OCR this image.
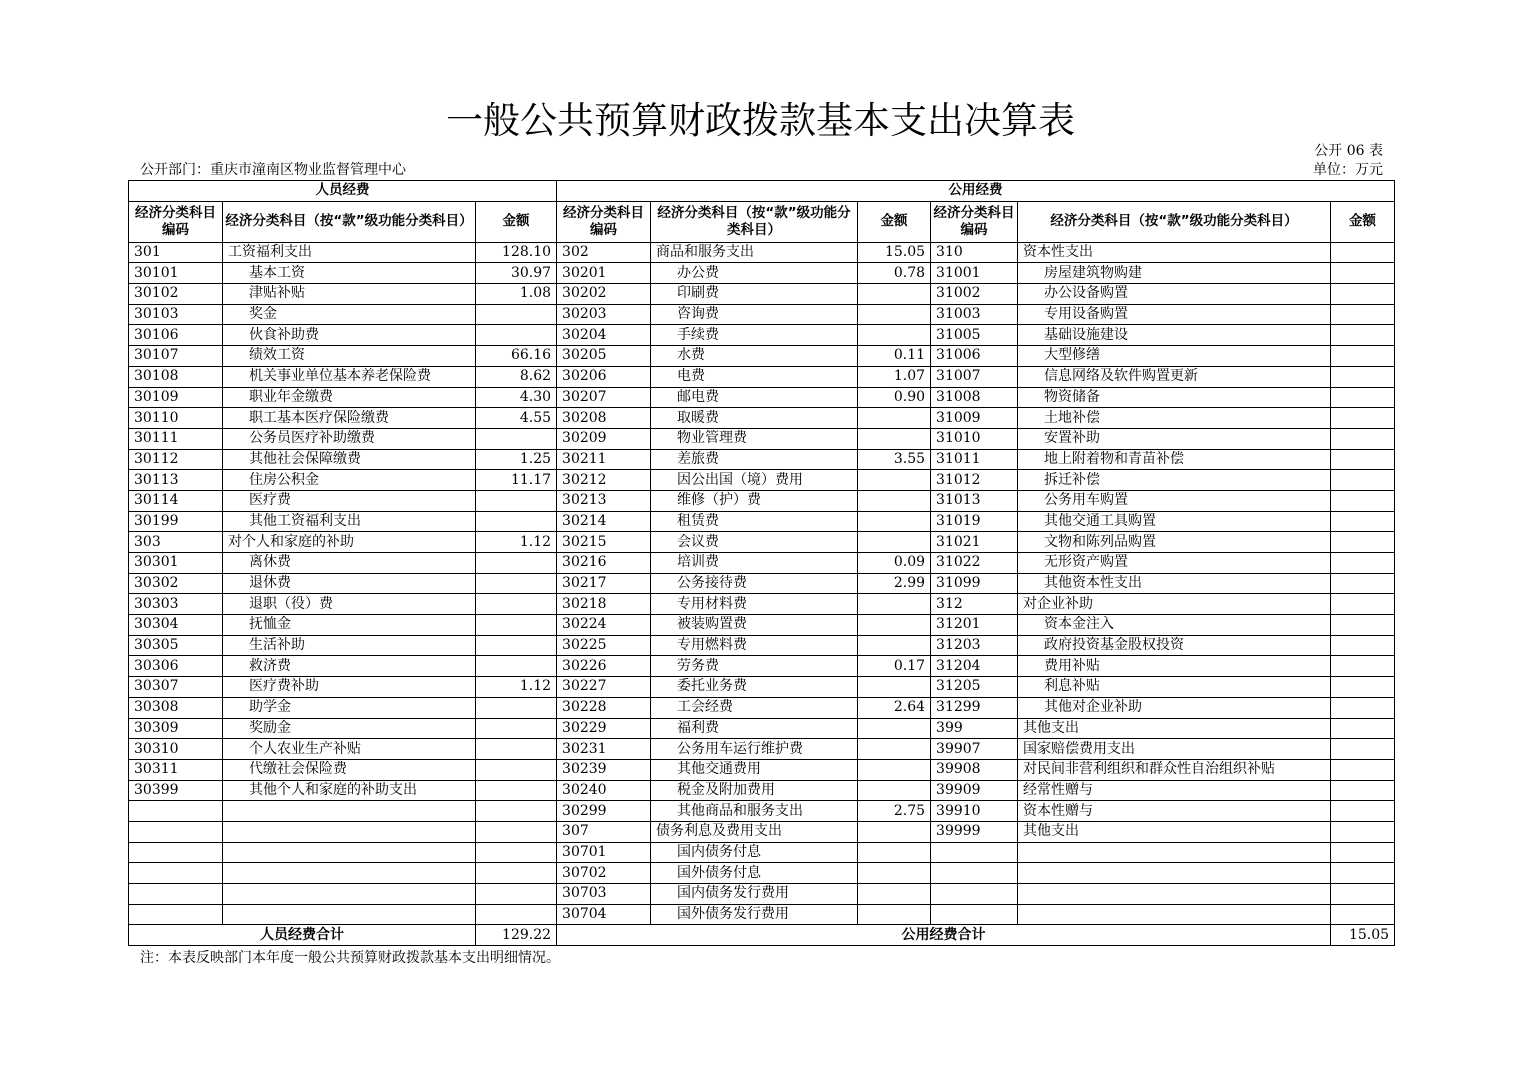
一般公共预算财政拨款基本支出决算表
公开 06 表
公开部门：重庆市潼南区物业监督管理中心	单位：万元
人员经费			公用经费					
经济分类科目编码	经济分类科目（按“款”级功能分类科目）	金额	经济分类科目编码	经济分类科目（按“款”级功能分类科目）	金额	经济分类科目编码	经济分类科目（按“款”级功能分类科目）	金额
301	工资福利支出	128.10	302	商品和服务支出	15.05	310	资本性支出	
30101	基本工资	30.97	30201	办公费	0.78	31001	房屋建筑物购建	
30102	津贴补贴	1.08	30202	印刷费		31002	办公设备购置	
30103	奖金		30203	咨询费		31003	专用设备购置	
30106	伙食补助费		30204	手续费		31005	基础设施建设	
30107	绩效工资	66.16	30205	水费	0.11	31006	大型修缮	
30108	机关事业单位基本养老保险费	8.62	30206	电费	1.07	31007	信息网络及软件购置更新	
30109	职业年金缴费	4.30	30207	邮电费	0.90	31008	物资储备	
30110	职工基本医疗保险缴费	4.55	30208	取暖费		31009	土地补偿	
30111	公务员医疗补助缴费		30209	物业管理费		31010	安置补助	
30112	其他社会保障缴费	1.25	30211	差旅费	3.55	31011	地上附着物和青苗补偿	
30113	住房公积金	11.17	30212	因公出国（境）费用		31012	拆迁补偿	
30114	医疗费		30213	维修（护）费		31013	公务用车购置	
30199	其他工资福利支出		30214	租赁费		31019	其他交通工具购置	
303	对个人和家庭的补助	1.12	30215	会议费		31021	文物和陈列品购置	
30301	离休费		30216	培训费	0.09	31022	无形资产购置	
30302	退休费		30217	公务接待费	2.99	31099	其他资本性支出	
30303	退职（役）费		30218	专用材料费		312	对企业补助	
30304	抚恤金		30224	被装购置费		31201	资本金注入	
30305	生活补助		30225	专用燃料费		31203	政府投资基金股权投资	
30306	救济费		30226	劳务费	0.17	31204	费用补贴	
30307	医疗费补助	1.12	30227	委托业务费		31205	利息补贴	
30308	助学金		30228	工会经费	2.64	31299	其他对企业补助	
30309	奖励金		30229	福利费		399	其他支出	
30310	个人农业生产补贴		30231	公务用车运行维护费		39907	国家赔偿费用支出	
30311	代缴社会保险费		30239	其他交通费用		39908	对民间非营利组织和群众性自治组织补贴	
30399	其他个人和家庭的补助支出		30240	税金及附加费用		39909	经常性赠与	
			30299	其他商品和服务支出	2.75	39910	资本性赠与	
			307	债务利息及费用支出		39999	其他支出	
			30701	国内债务付息				
			30702	国外债务付息				
			30703	国内债务发行费用				
			30704	国外债务发行费用				
人员经费合计		129.22	公用经费合计					15.05
注：本表反映部门本年度一般公共预算财政拨款基本支出明细情况。
